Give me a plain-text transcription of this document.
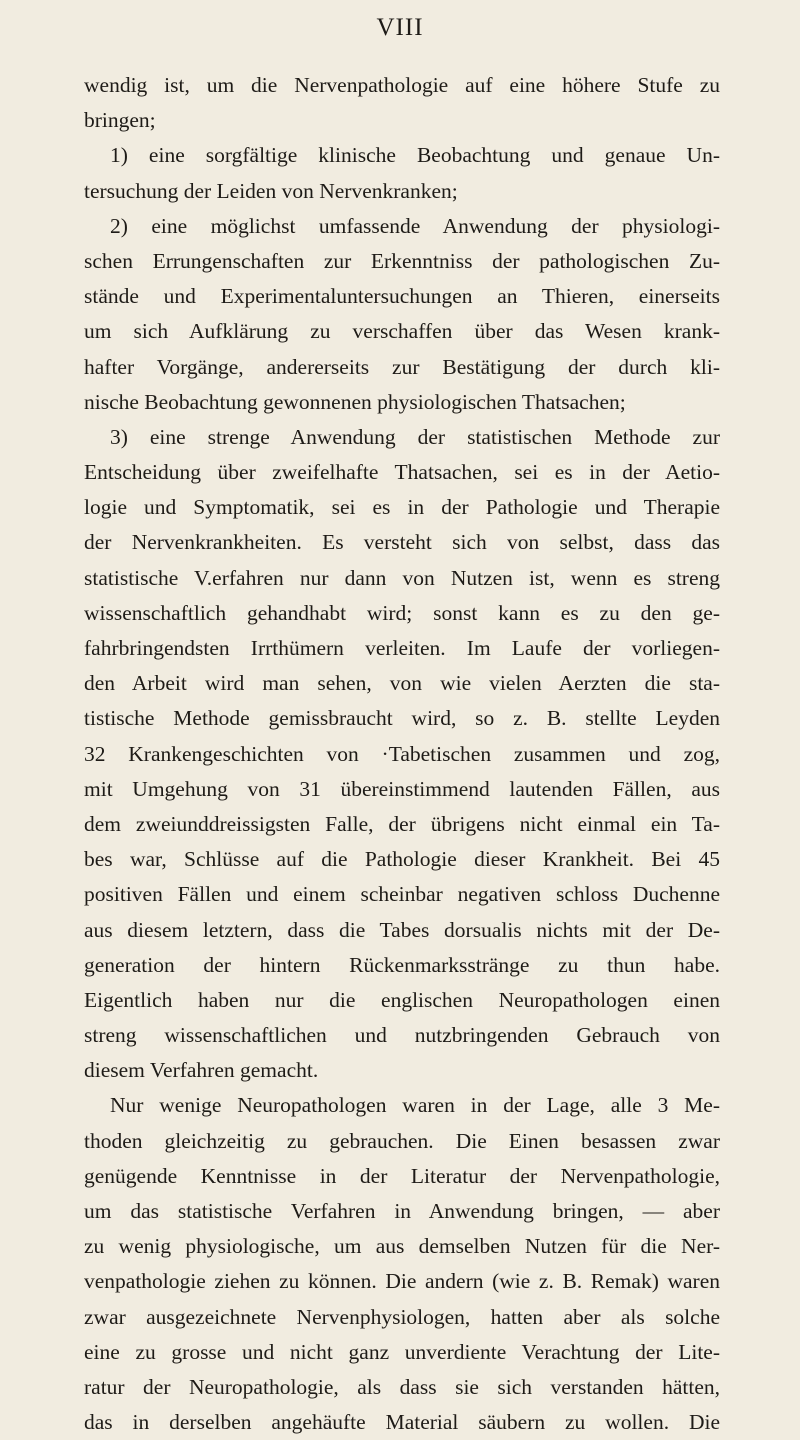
VIII
wendig ist, um die Nervenpathologie auf eine höhere Stufe zu
bringen;
1) eine sorgfältige klinische Beobachtung und genaue Un-
tersuchung der Leiden von Nervenkranken;
2) eine möglichst umfassende Anwendung der physiologi-
schen Errungenschaften zur Erkenntniss der pathologischen Zu-
stände und Experimentaluntersuchungen an Thieren, einerseits
um sich Aufklärung zu verschaffen über das Wesen krank-
hafter Vorgänge, andererseits zur Bestätigung der durch kli-
nische Beobachtung gewonnenen physiologischen Thatsachen;
3) eine strenge Anwendung der statistischen Methode zur
Entscheidung über zweifelhafte Thatsachen, sei es in der Aetio-
logie und Symptomatik, sei es in der Pathologie und Therapie
der Nervenkrankheiten. Es versteht sich von selbst, dass das
statistische V.erfahren nur dann von Nutzen ist, wenn es streng
wissenschaftlich gehandhabt wird; sonst kann es zu den ge-
fahrbringendsten Irrthümern verleiten. Im Laufe der vorliegen-
den Arbeit wird man sehen, von wie vielen Aerzten die sta-
tistische Methode gemissbraucht wird, so z. B. stellte Leyden
32 Krankengeschichten von ·Tabetischen zusammen und zog,
mit Umgehung von 31 übereinstimmend lautenden Fällen, aus
dem zweiunddreissigsten Falle, der übrigens nicht einmal ein Ta-
bes war, Schlüsse auf die Pathologie dieser Krankheit. Bei 45
positiven Fällen und einem scheinbar negativen schloss Duchenne
aus diesem letztern, dass die Tabes dorsualis nichts mit der De-
generation der hintern Rückenmarksstränge zu thun habe.
Eigentlich haben nur die englischen Neuropathologen einen
streng wissenschaftlichen und nutzbringenden Gebrauch von
diesem Verfahren gemacht.
Nur wenige Neuropathologen waren in der Lage, alle 3 Me-
thoden gleichzeitig zu gebrauchen. Die Einen besassen zwar
genügende Kenntnisse in der Literatur der Nervenpathologie,
um das statistische Verfahren in Anwendung bringen, — aber
zu wenig physiologische, um aus demselben Nutzen für die Ner-
venpathologie ziehen zu können. Die andern (wie z. B. Remak) waren
zwar ausgezeichnete Nervenphysiologen, hatten aber als solche
eine zu grosse und nicht ganz unverdiente Verachtung der Lite-
ratur der Neuropathologie, als dass sie sich verstanden hätten,
das in derselben angehäufte Material säubern zu wollen. Die
